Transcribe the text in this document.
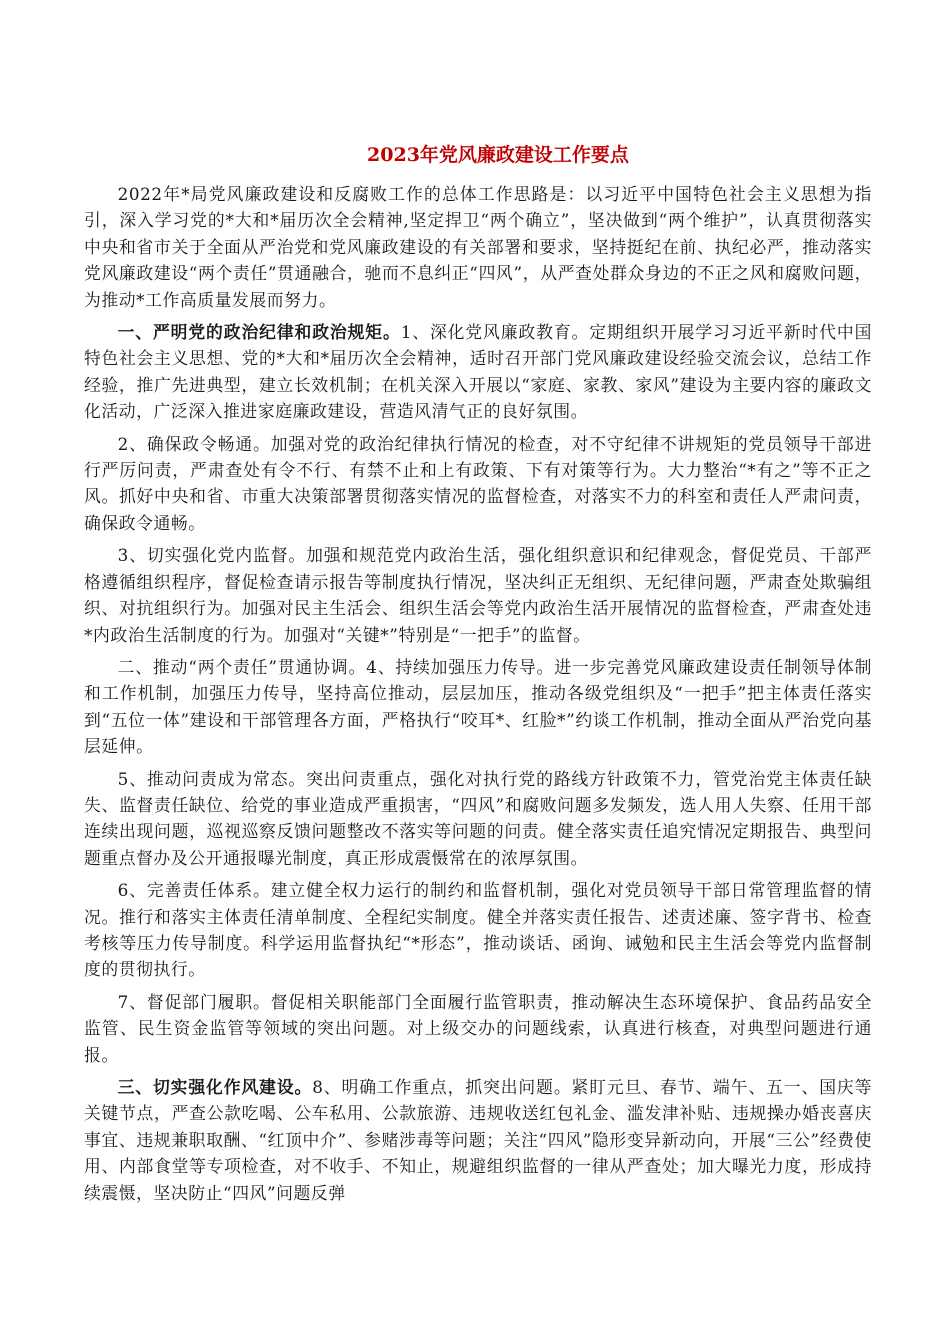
2023年党风廉政建设工作要点

2022年*局党风廉政建设和反腐败工作的总体工作思路是：以习近平中国特色社会主义思想为指引，深入学习党的*大和*届历次全会精神,坚定捍卫“两个确立”，坚决做到“两个维护”，认真贯彻落实中央和省市关于全面从严治党和党风廉政建设的有关部署和要求，坚持挺纪在前、执纪必严，推动落实党风廉政建设“两个责任”贯通融合，驰而不息纠正“四风”，从严查处群众身边的不正之风和腐败问题，为推动*工作高质量发展而努力。

一、严明党的政治纪律和政治规矩。1、深化党风廉政教育。定期组织开展学习习近平新时代中国特色社会主义思想、党的*大和*届历次全会精神，适时召开部门党风廉政建设经验交流会议，总结工作经验，推广先进典型，建立长效机制；在机关深入开展以“家庭、家教、家风”建设为主要内容的廉政文化活动，广泛深入推进家庭廉政建设，营造风清气正的良好氛围。

2、确保政令畅通。加强对党的政治纪律执行情况的检查，对不守纪律不讲规矩的党员领导干部进行严厉问责，严肃查处有令不行、有禁不止和上有政策、下有对策等行为。大力整治“*有之”等不正之风。抓好中央和省、市重大决策部署贯彻落实情况的监督检查，对落实不力的科室和责任人严肃问责，确保政令通畅。

3、切实强化党内监督。加强和规范党内政治生活，强化组织意识和纪律观念，督促党员、干部严格遵循组织程序，督促检查请示报告等制度执行情况，坚决纠正无组织、无纪律问题，严肃查处欺骗组织、对抗组织行为。加强对民主生活会、组织生活会等党内政治生活开展情况的监督检查，严肃查处违*内政治生活制度的行为。加强对“关键*”特别是“一把手”的监督。

二、推动“两个责任”贯通协调。4、持续加强压力传导。进一步完善党风廉政建设责任制领导体制和工作机制，加强压力传导，坚持高位推动，层层加压，推动各级党组织及“一把手”把主体责任落实到“五位一体”建设和干部管理各方面，严格执行“咬耳*、红脸*”约谈工作机制，推动全面从严治党向基层延伸。

5、推动问责成为常态。突出问责重点，强化对执行党的路线方针政策不力，管党治党主体责任缺失、监督责任缺位、给党的事业造成严重损害，“四风”和腐败问题多发频发，选人用人失察、任用干部连续出现问题，巡视巡察反馈问题整改不落实等问题的问责。健全落实责任追究情况定期报告、典型问题重点督办及公开通报曝光制度，真正形成震慑常在的浓厚氛围。

6、完善责任体系。建立健全权力运行的制约和监督机制，强化对党员领导干部日常管理监督的情况。推行和落实主体责任清单制度、全程纪实制度。健全并落实责任报告、述责述廉、签字背书、检查考核等压力传导制度。科学运用监督执纪“*形态”，推动谈话、函询、诫勉和民主生活会等党内监督制度的贯彻执行。

7、督促部门履职。督促相关职能部门全面履行监管职责，推动解决生态环境保护、食品药品安全监管、民生资金监管等领域的突出问题。对上级交办的问题线索，认真进行核查，对典型问题进行通报。

三、切实强化作风建设。8、明确工作重点，抓突出问题。紧盯元旦、春节、端午、五一、国庆等关键节点，严查公款吃喝、公车私用、公款旅游、违规收送红包礼金、滥发津补贴、违规操办婚丧喜庆事宜、违规兼职取酬、“红顶中介”、参赌涉毒等问题；关注“四风”隐形变异新动向，开展“三公”经费使用、内部食堂等专项检查，对不收手、不知止，规避组织监督的一律从严查处；加大曝光力度，形成持续震慑，坚决防止“四风”问题反弹
